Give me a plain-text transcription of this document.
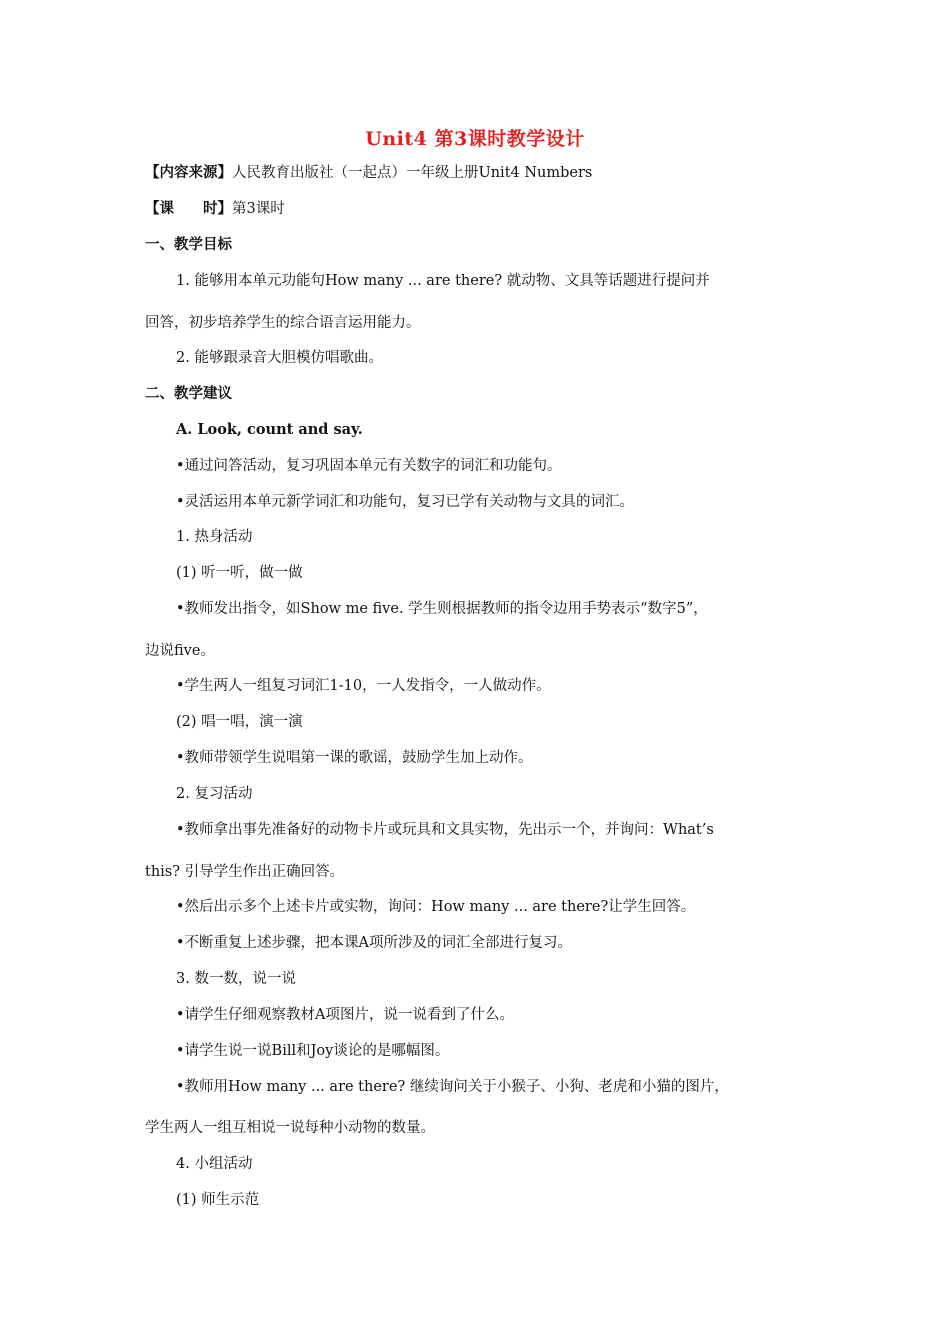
Unit4 第3课时教学设计
【内容来源】人民教育出版社（一起点）一年级上册Unit4 Numbers
【课　　时】第3课时
一、教学目标
1. 能够用本单元功能句How many ... are there? 就动物、文具等话题进行提问并
回答，初步培养学生的综合语言运用能力。
2. 能够跟录音大胆模仿唱歌曲。
二、教学建议
A. Look, count and say.
•通过问答活动，复习巩固本单元有关数字的词汇和功能句。
•灵活运用本单元新学词汇和功能句，复习已学有关动物与文具的词汇。
1. 热身活动
(1) 听一听，做一做
•教师发出指令，如Show me five. 学生则根据教师的指令边用手势表示“数字5”，
边说five。
•学生两人一组复习词汇1-10，一人发指令，一人做动作。
(2) 唱一唱，演一演
•教师带领学生说唱第一课的歌谣，鼓励学生加上动作。
2. 复习活动
•教师拿出事先准备好的动物卡片或玩具和文具实物，先出示一个，并询问：What’s
this? 引导学生作出正确回答。
•然后出示多个上述卡片或实物，询问：How many ... are there?让学生回答。
•不断重复上述步骤，把本课A项所涉及的词汇全部进行复习。
3. 数一数，说一说
•请学生仔细观察教材A项图片，说一说看到了什么。
•请学生说一说Bill和Joy谈论的是哪幅图。
•教师用How many ... are there? 继续询问关于小猴子、小狗、老虎和小猫的图片，
学生两人一组互相说一说每种小动物的数量。
4. 小组活动
(1) 师生示范
